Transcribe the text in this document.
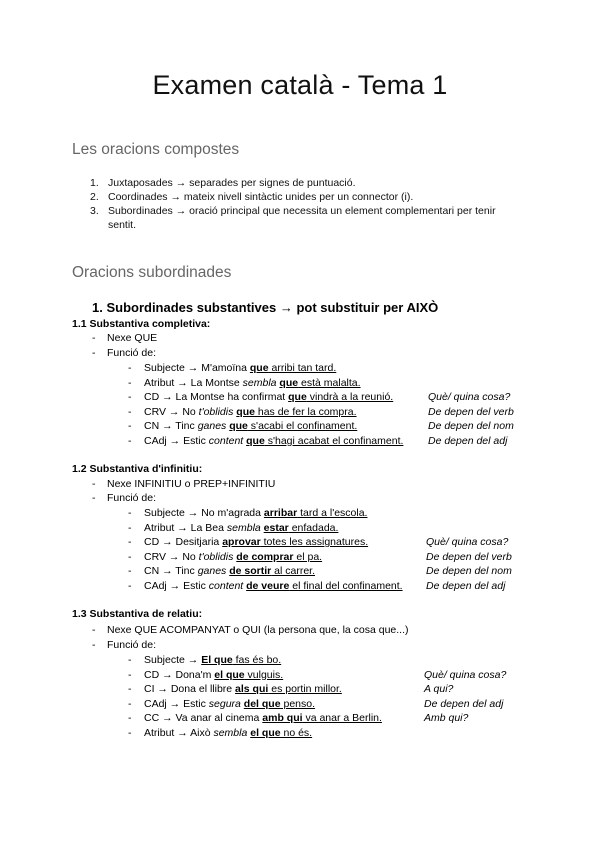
Examen català - Tema 1
Les oracions compostes
1. Juxtaposades → separades per signes de puntuació.
2. Coordinades → mateix nivell sintàctic unides per un connector (i).
3. Subordinades → oració principal que necessita un element complementari per tenir
sentit.
Oracions subordinades
1. Subordinades substantives → pot substituir per AIXÒ
1.1 Substantiva completiva:
- Nexe QUE
- Funció de:
1.2 Substantiva d'infinitiu:
- Nexe INFINITIU o PREP+INFINITIU
- Funció de:
1.3 Substantiva de relatiu:
- Nexe QUE ACOMPANYAT o QUI (la persona que, la cosa que...)
- Funció de:
- Subjecte → M'amoïna que arribi tan tard.
- Atribut → La Montse sembla que està malalta.
- CD → La Montse ha confirmat que vindrà a la reunió.	Què/ quina cosa?
- CRV → No t'oblidis que has de fer la compra.	De depen del verb
- CN → Tinc ganes que s'acabi el confinament.	De depen del nom
- CAdj → Estic content que s'hagi acabat el confinament. De depen del adj
- Subjecte → No m'agrada arribar tard a l'escola.
- Atribut → La Bea sembla estar enfadada.
- CD → Desitjaria aprovar totes les assignatures.	Què/ quina cosa?
- CRV → No t'oblidis de comprar el pa.	De depen del verb
- CN → Tinc ganes de sortir al carrer.	De depen del nom
- CAdj → Estic content de veure el final del confinament. De depen del adj
- Subjecte → El que fas és bo.
- CD → Dona'm el que vulguis.	Què/ quina cosa?
- CI → Dona el llibre als qui es portin millor.	A qui?
- CAdj → Estic segura del que penso.	De depen del adj
- CC → Va anar al cinema amb qui va anar a Berlin.	Amb qui?
- Atribut → Això sembla el que no és.
